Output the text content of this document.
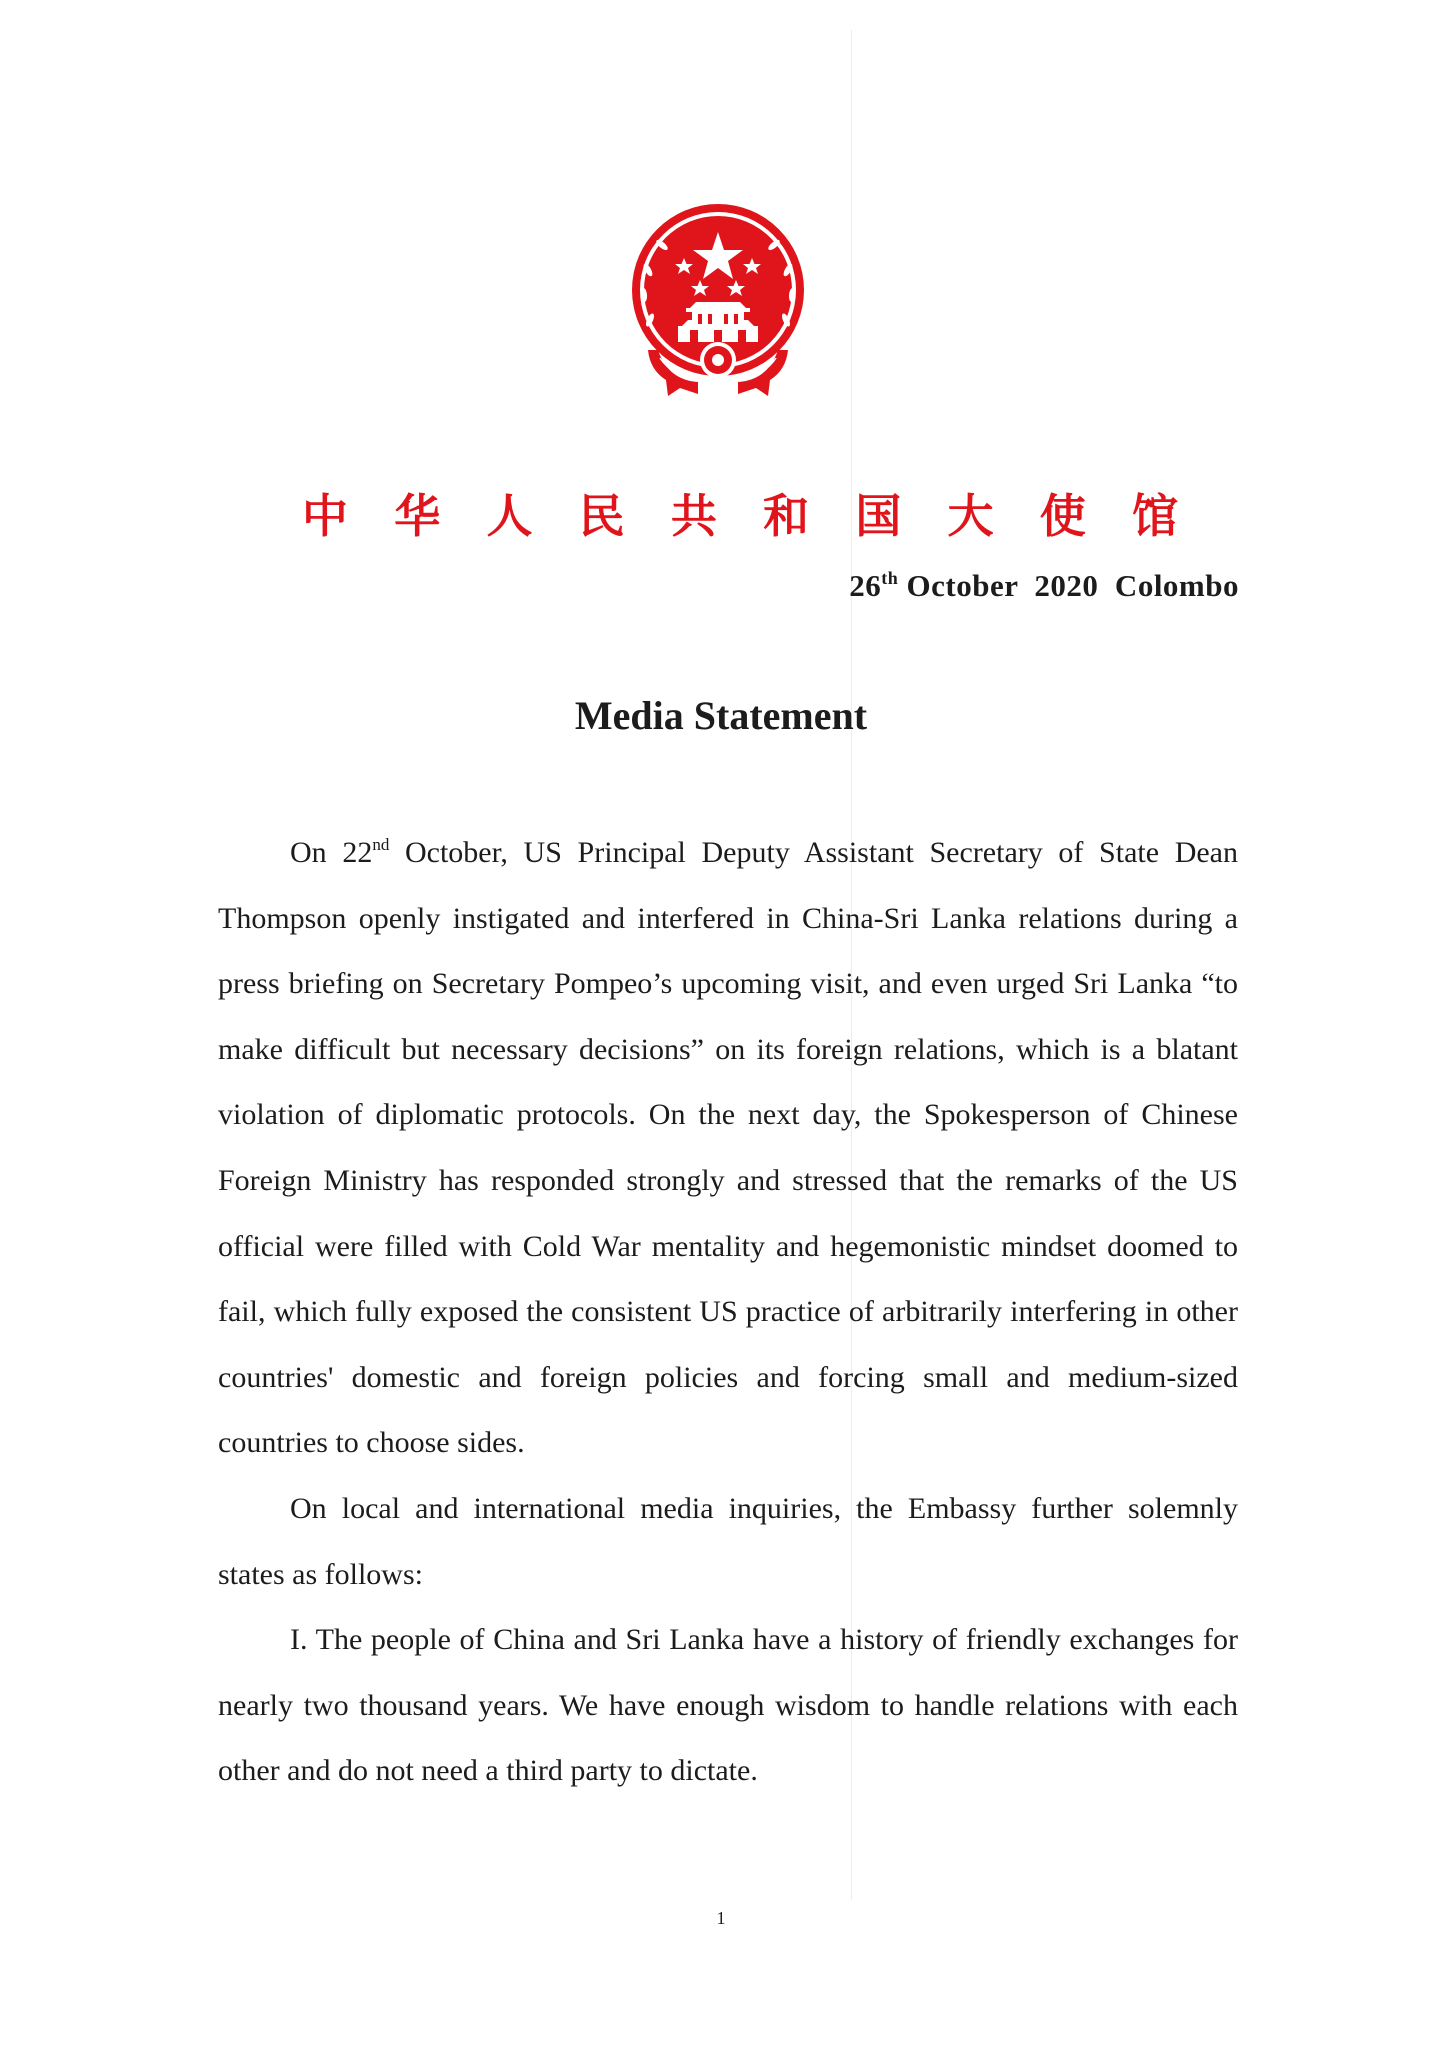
中 华 人 民 共 和 国 大 使 馆
26th October  2020  Colombo
Media Statement

On 22nd October, US Principal Deputy Assistant Secretary of State Dean Thompson openly instigated and interfered in China-Sri Lanka relations during a press briefing on Secretary Pompeo’s upcoming visit, and even urged Sri Lanka “to make difficult but necessary decisions” on its foreign relations, which is a blatant violation of diplomatic protocols. On the next day, the Spokesperson of Chinese Foreign Ministry has responded strongly and stressed that the remarks of the US official were filled with Cold War mentality and hegemonistic mindset doomed to fail, which fully exposed the consistent US practice of arbitrarily interfering in other countries' domestic and foreign policies and forcing small and medium-sized countries to choose sides.

On local and international media inquiries, the Embassy further solemnly states as follows:

I. The people of China and Sri Lanka have a history of friendly exchanges for nearly two thousand years. We have enough wisdom to handle relations with each other and do not need a third party to dictate.

1
